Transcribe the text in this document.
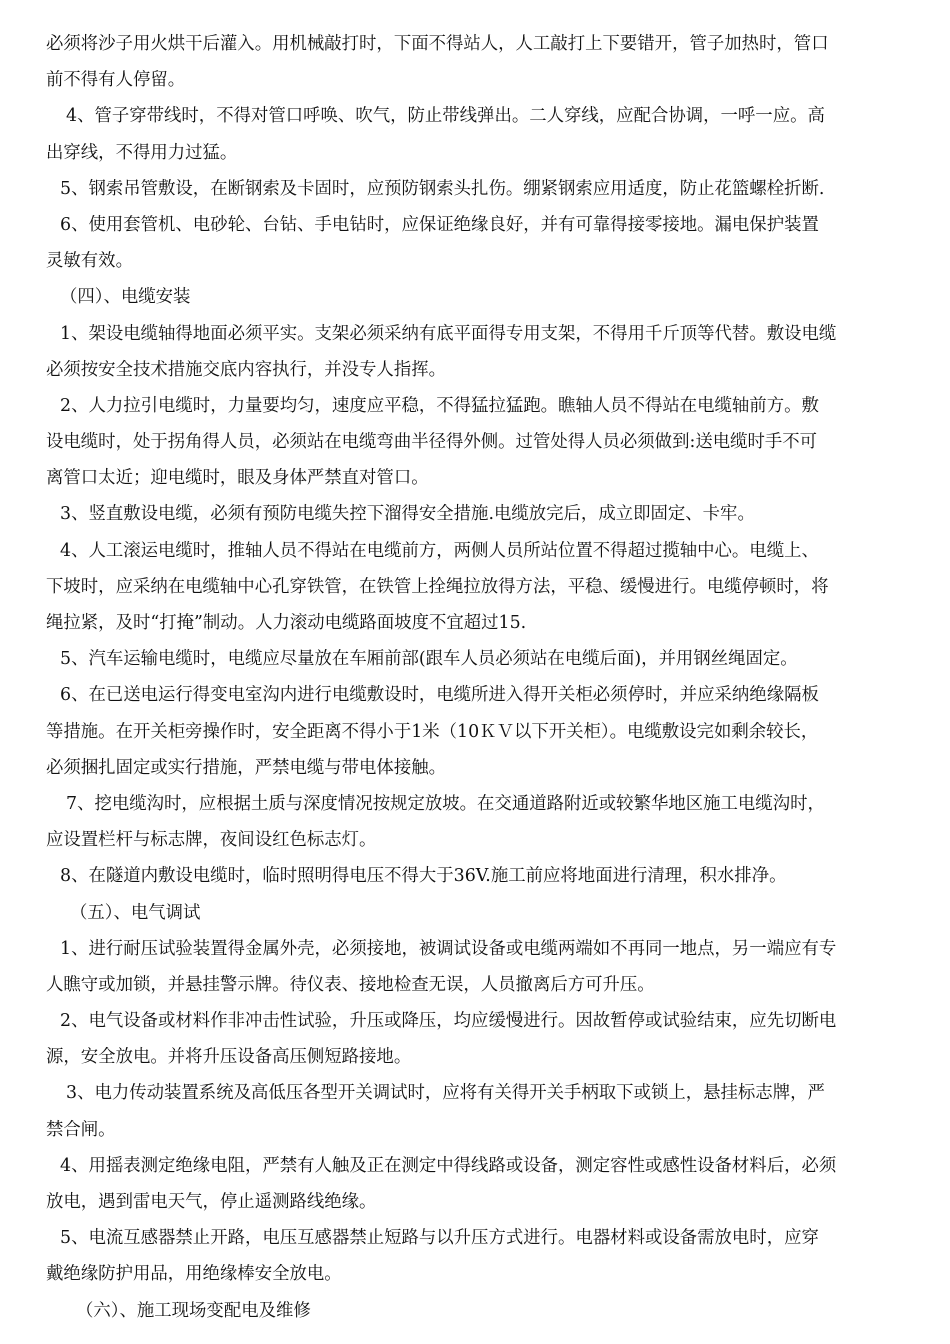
必须将沙子用火烘干后灌入。用机械敲打时，下面不得站人，人工敲打上下要错开，管子加热时，管口
前不得有人停留。
4、管子穿带线时，不得对管口呼唤、吹气，防止带线弹出。二人穿线，应配合协调，一呼一应。高
出穿线，不得用力过猛。
5、钢索吊管敷设，在断钢索及卡固时，应预防钢索头扎伤。绷紧钢索应用适度，防止花篮螺栓折断.
6、使用套管机、电砂轮、台钻、手电钻时，应保证绝缘良好，并有可靠得接零接地。漏电保护装置
灵敏有效。
（四）、电缆安装
1、架设电缆轴得地面必须平实。支架必须采纳有底平面得专用支架，不得用千斤顶等代替。敷设电缆
必须按安全技术措施交底内容执行，并没专人指挥。
2、人力拉引电缆时，力量要均匀，速度应平稳，不得猛拉猛跑。瞧轴人员不得站在电缆轴前方。敷
设电缆时，处于拐角得人员，必须站在电缆弯曲半径得外侧。过管处得人员必须做到:送电缆时手不可
离管口太近；迎电缆时，眼及身体严禁直对管口。
3、竖直敷设电缆，必须有预防电缆失控下溜得安全措施.电缆放完后，成立即固定、卡牢。
4、人工滚运电缆时，推轴人员不得站在电缆前方，两侧人员所站位置不得超过揽轴中心。电缆上、
下坡时，应采纳在电缆轴中心孔穿铁管，在铁管上拴绳拉放得方法，平稳、缓慢进行。电缆停顿时，将
绳拉紧，及时“打掩”制动。人力滚动电缆路面坡度不宜超过15.
5、汽车运输电缆时，电缆应尽量放在车厢前部(跟车人员必须站在电缆后面)，并用钢丝绳固定。
6、在已送电运行得变电室沟内进行电缆敷设时，电缆所进入得开关柜必须停时，并应采纳绝缘隔板
等措施。在开关柜旁操作时，安全距离不得小于1米（10ＫＶ以下开关柜）。电缆敷设完如剩余较长，
必须捆扎固定或实行措施，严禁电缆与带电体接触。
7、挖电缆沟时，应根据土质与深度情况按规定放坡。在交通道路附近或较繁华地区施工电缆沟时，
应设置栏杆与标志牌，夜间设红色标志灯。
8、在隧道内敷设电缆时，临时照明得电压不得大于36V.施工前应将地面进行清理，积水排净。
（五）、电气调试
1、进行耐压试验装置得金属外壳，必须接地，被调试设备或电缆两端如不再同一地点，另一端应有专
人瞧守或加锁，并悬挂警示牌。待仪表、接地检查无误，人员撤离后方可升压。
2、电气设备或材料作非冲击性试验，升压或降压，均应缓慢进行。因故暂停或试验结束，应先切断电
源，安全放电。并将升压设备高压侧短路接地。
3、电力传动装置系统及高低压各型开关调试时，应将有关得开关手柄取下或锁上，悬挂标志牌，严
禁合闸。
4、用摇表测定绝缘电阻，严禁有人触及正在测定中得线路或设备，测定容性或感性设备材料后，必须
放电，遇到雷电天气，停止遥测路线绝缘。
5、电流互感器禁止开路，电压互感器禁止短路与以升压方式进行。电器材料或设备需放电时，应穿
戴绝缘防护用品，用绝缘棒安全放电。
（六）、施工现场变配电及维修
